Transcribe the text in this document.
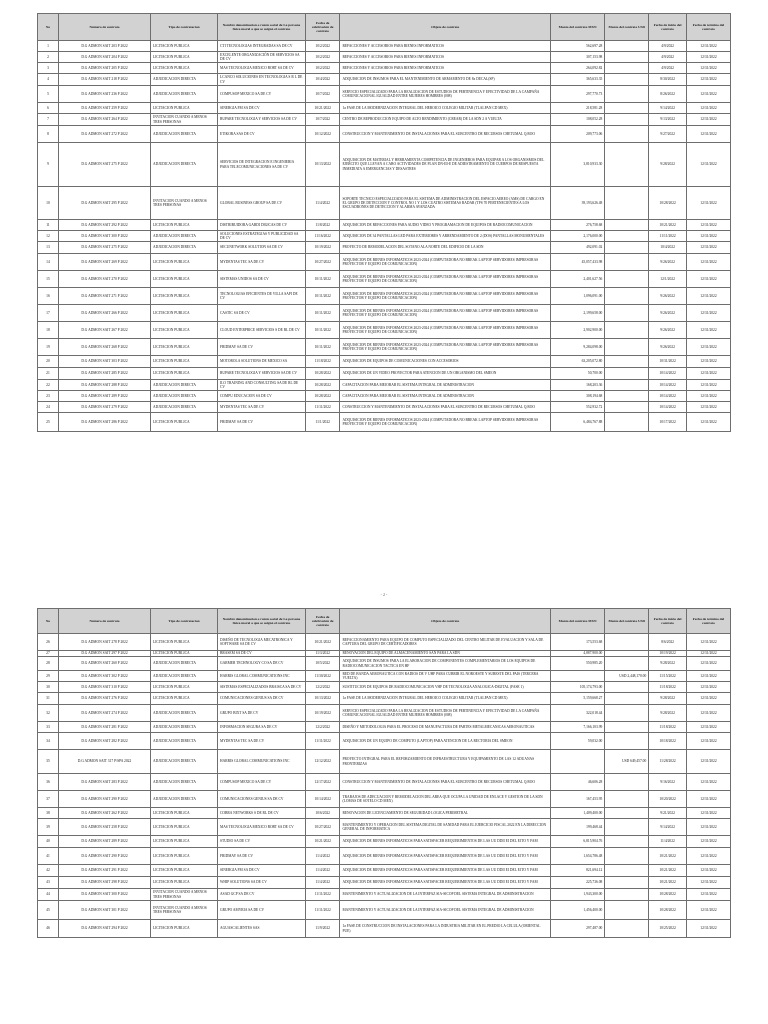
No	Numero de contrato	Tipo de contratacion	Nombre denominacion o razón social de La persona física moral a que se asignó el contrato	Fecha de celebración de contrato	Objeto de contrato	Monto del contrato MXN	Monto del contrato USD	Fecha de inicio del contrato	Fecha de termino del contrato
1	D.G ADMON SAIT 203 P 2022	LICITACION PUBLICA	CTI TECNOLOGIAS INTEGRADAS SA DE CV	10/2/2022	REFACCIONES Y ACCESORIOS PARA BIENES INFORMATICOS	562,697.28		4/9/2022	12/31/2022
2	D.G ADMON SAIT 204 P 2022	LICITACION PUBLICA	EXCELENTE ORGANIZACIÓN DE SERVICIOS SA DE CV	10/2/2022	REFACCIONES Y ACCESORIOS PARA BIENES INFORMATICOS	307,153.98		4/9/2022	12/31/2022
3	D.G ADMON SAIT 205 P 2022	LICITACION PUBLICA	MAS TECNOLOGIA MEXICO BORT SA DE CV	10/2/2022	REFACCIONES Y ACCESORIOS PARA BIENES INFORMATICOS	264,092.82		4/9/2022	12/31/2022
4	D.G ADMON SAIT 218 P 2022	ADJUDICACION DIRECTA	LCANCO SOLUCIONES EN TECNOLOGIA S R L DE CV	10/4/2022	ADQUISICION DE INSUMOS PARA EL MANTENIMIENTO DE ARMAMENTO DE 8x DECAL(SP)	365,633.35		8/30/2022	12/31/2022
5	D.G ADMON SAIT 236 P 2022	ADJUDICACION DIRECTA	COMPUSOP MEXICO SA DE CV	10/7/2022	SERVICIO ESPECIALIZADO PARA LA REALIZACION DE ESTUDIOS DE PERTINENCIA Y EFECTIVIDAD DE LA CAMPAÑA COMUNICACIONAL IGUALDAD ENTRE MUJERES HOMBRES (008)	297,770.73		8/26/2022	12/31/2022
6	D.G ADMON SAIT 259 P 2022	LICITACION PUBLICA	SINERGIA FM SA DE CV	10/21/2022	1a FASE DE LA MODERNIZACION INTEGRAL DEL HEROICO COLEGIO MILITAR (TLALPAN CD MEX)	218,581.28		9/14/2022	12/31/2022
7	D.G ADMON SAIT 264 P 2022	INVITACION CUANDO A MENOS TRES PERSONAS	RUPARE TECNOLOGIA Y SERVICIOS SA DE CV	10/7/2022	CENTRO DE REPRODUCCION EQUIPO DE ALTO RENDIMIENTO (CREAR) DE LA SDN 2 A VUELTA	108,052.28		9/13/2022	12/31/2022
8	D.G ADMON SAIT 272 P 2022	ADJUDICACION DIRECTA	ETIKORA SAS DE CV	10/12/2022	CONSTRUCCION Y MANTENIMIENTO DE INSTALACIONES PARA EL SUBCENTRO DE RECURSOS CHETUMAL Q.ROO	209,773.06		9/27/2022	12/31/2022
9	D.G ADMON SAIT 275 P 2022	ADJUDICACION DIRECTA	SERVICIOS DE INTEGRACION E INGENIERIA PARA TELECOMUNICACIONES SA DE CV	10/13/2022	ADQUISICION DE MATERIAL Y HERRAMIENTA COMPETENCIA DE INGENIEROS PARA EQUIPAR A LOS ORGANISMOS DEL EJERCITO QUE LLEVAN A CABO ACTIVIDADES DE PLAN DN-III-E DE ADIESTRAMIENTO DE CUERPOS DE RESPUESTA INMEDIATA A EMERGENCIAS Y DESASTRES	3,810,933.30		9/28/2022	12/31/2022
10	D.G ADMON SAIT 295 P 2022	INVITACION CUANDO A MENOS TRES PERSONAS	GLOBAL BUSINESS GROUP SA DE CV	11/4/2022	SOPORTE TECNICO ESPECIALIZADO PARA EL SISTEMA DE ADMINISTRACION DEL ESPACIO AEREO (AMS) DE CARGO EN EL GRUPO DE DETECCION Y CONTROL NO 1 Y LOS CUATRO SISTEMAS RADAR (TPS 70 PERTENECIENTES A LOS ESCUADRONES DE DETECCION Y ALARMA AVANZADA	39,193,626.48		10/28/2022	12/31/2022
11	D.G ADMON SAIT 292 P 2022	LICITACION PUBLICA	DISTRIBUIDORA GARDI DIGICAS DE CV	11/8/2022	ADQUISICION DE REFACCIONES PARA AUDIO VIDEO Y PROGRAMACION DE EQUIPOS DE RADIOCOMUNICACION	276,758.68		10/21/2022	12/31/2022
12	D.G ADMON SAIT 300 P 2022	ADJUDICACION DIRECTA	SOLUCIONES ESTRATEGIAS Y PUBLICIDAD SA DE CV	11/16/2022	ADQUISICION DE 34 PANTALLAS LED PARA EXTERIORES Y ARRENDAMIENTO DE 2 (DOS) PANTALLAS MONUMENTALES	2,176,000.00		11/11/2022	12/31/2022
13	D.G ADMON SAIT 275 P 2022	ADJUDICACION DIRECTA	SECUNETWORK SOLUTION SA DE CV	10/19/2022	PROYECTO DE REMODELACION DEL SOTANO ALA NORTE DEL EDIFICIO DE LA SDN	492,091.02		10/4/2022	12/31/2022
14	D.G ADMON SAIT 269 P 2022	LICITACION PUBLICA	MYDENTAS TEC SA DE CV	10/27/2022	ADQUISICION DE BIENES INFORMATICOS 2023-2024 (COMPUTADORA NO BREAK LAPTOP SERVIDORES IMPRESORAS PROYECTOR Y EQUIPO DE COMUNICACION)	45,057,433.98		9/26/2022	12/31/2022
15	D.G ADMON SAIT 270 P 2022	LICITACION PUBLICA	SISTEMAS UNIDOS SA DE CV	10/11/2022	ADQUISICION DE BIENES INFORMATICOS 2023-2024 (COMPUTADORA NO BREAK LAPTOP SERVIDORES IMPRESORAS PROYECTOR Y EQUIPO DE COMUNICACION)	2,401,627.56		12/1/2022	12/31/2022
16	D.G ADMON SAIT 271 P 2022	LICITACION PUBLICA	TECNOLOGIAS EFICIENTES DE VILLA SAPI DE CV	10/11/2022	ADQUISICION DE BIENES INFORMATICOS 2023-2024 (COMPUTADORA NO BREAK LAPTOP SERVIDORES IMPRESORAS PROYECTOR Y EQUIPO DE COMUNICACION)	1,096,091.00		9/26/2022	12/31/2022
17	D.G ADMON SAIT 266 P 2022	LICITACION PUBLICA	CASTIC SA DE CV	10/11/2022	ADQUISICION DE BIENES INFORMATICOS 2023-2024 (COMPUTADORA NO BREAK LAPTOP SERVIDORES IMPRESORAS PROYECTOR Y EQUIPO DE COMUNICACION)	2,199,658.00		9/26/2022	12/31/2022
18	D.G ADMON SAIT 267 P 2022	LICITACION PUBLICA	CLOUD ENTERPRICE SERVICIOS S DE RL DE CV	10/11/2022	ADQUISICION DE BIENES INFORMATICOS 2023-2024 (COMPUTADORA NO BREAK LAPTOP SERVIDORES IMPRESORAS PROYECTOR Y EQUIPO DE COMUNICACION)	2,902,900.00		9/26/2022	12/31/2022
19	D.G ADMON SAIT 268 P 2022	LICITACION PUBLICA	FRIDMAY SA DE CV	10/11/2022	ADQUISICION DE BIENES INFORMATICOS 2023-2024 (COMPUTADORA NO BREAK LAPTOP SERVIDORES IMPRESORAS PROYECTOR Y EQUIPO DE COMUNICACION)	9,284,098.00		9/26/2022	12/31/2022
20	D.G ADMON SAIT 303 P 2022	LICITACION PUBLICA	MOTOROLA SOLUTIONS DE MEXICO SA	11/18/2022	ADQUISICION DE EQUIPOS DE COMUNICACIONES CON ACCESORIOS	63,205,072.80		10/31/2022	12/31/2022
21	D.G ADMON SAIT 285 P 2022	LICITACION PUBLICA	RUPARE TECNOLOGIA Y SERVICIOS SA DE CV	10/28/2022	ADQUISICION DE UN VIDEO PROYECTOR PARA ATENCION DE UN ORGANISMO DEL SMEON	50,700.00		10/14/2022	12/31/2022
22	D.G ADMON SAIT 288 P 2022	ADJUDICACION DIRECTA	ILO TRAINING AND CONSULTING SA DE RL DE CV	10/28/2022	CAPACITACION PARA MEJORAR EL SISTEMA INTEGRAL DE ADMINISTRACION	168,203.36		10/14/2022	12/31/2022
23	D.G ADMON SAIT 289 P 2022	ADJUDICACION DIRECTA	COMPU EDUCACION SA DE CV	10/28/2022	CAPACITACION PARA MEJORAR EL SISTEMA INTEGRAL DE ADMINISTRACION	308,194.68		10/14/2022	12/31/2022
24	D.G ADMON SAIT 279 P 2022	ADJUDICACION DIRECTA	MYDENTAS TEC SA DE CV	11/11/2022	CONSTRUCCION Y MANTENIMIENTO DE INSTALACIONES PARA EL SUBCENTRO DE RECURSOS CHETUMAL Q.ROO	552,932.72		10/14/2022	12/31/2022
25	D.G ADMON SAIT 286 P 2022	LICITACION PUBLICA	FRIDMAY SA DE CV	11/1/2022	ADQUISICION DE BIENES INFORMATICOS 2023-2024 (COMPUTADORA NO BREAK LAPTOP SERVIDORES IMPRESORAS PROYECTOR Y EQUIPO DE COMUNICACION)	6,484,767.88		10/17/2022	12/31/2022
- 2 -
No	Numero de contrato	Tipo de contratacion	Nombre denominacion o razón social de La persona física moral a que se asignó el contrato	Fecha de celebración de contrato	Objeto de contrato	Monto del contrato MXN	Monto del contrato USD	Fecha de inicio del contrato	Fecha de termino del contrato
26	D.G ADMON SAIT 278 P 2022	LICITACION PUBLICA	DISEÑO DE TECNOLOGIA MECATRONICA Y SOFTWARE SA DE CV	10/21/2022	REFACCIONAMIENTO PARA EQUIPO DE COMPUTO ESPECIALIZADO DEL CENTRO MILITAR DE EVALUACION Y SALA DE CAPTURA DEL GRUPO DE CERTIFICADORES	173,553.68		8/6/2022	12/31/2022
27	D.G ADMON SAIT 297 P 2022	LICITACION PUBLICA	BRASEM SA DE CV	11/3/2022	RENOVACION DEL EQUIPO DE ALMACENAMIENTO SAN PARA LA SDN	4,887,900.00		10/19/2022	12/31/2022
28	D.G ADMON SAIT 260 P 2022	ADJUDICACION DIRECTA	GARMER TECHNOLOGY CO SA DE CV	10/5/2022	ADQUISICION DE INSUMOS PARA LA ELABORACION DE COMPONENTES COMPLEMENTARIOS DE LOS EQUIPOS DE RADIOCOMUNICACION TACTICA EN HF	550,985.20		9/28/2022	12/31/2022
29	D.G ADMON SAIT 302 P 2022	ADJUDICACION DIRECTA	HARRIS GLOBAL COMMUNICATIONS INC	11/30/2022	RED DE BANDA AERONAUTICA CON RADIOS DE V UHF PARA CUBRIR EL NOROESTE Y SURESTE DEL PAIS (TERCERA VUELTA)		USD 2,448,170.00	11/15/2022	12/31/2022
30	D.G ADMON SAIT 310 P 2022	LICITACION PUBLICA	SISTEMAS ESPECIALIZADOS BRAISCA SA DE CV	12/2/2022	SUSTITUCION DE EQUIPOS DE RADIOCOMUNICACION VHF DE TECNOLOGIA ANALOGICA-DIGITAL (FASE 1)	105,174,793.00		11/18/2022	12/31/2022
31	D.G ADMON SAIT 276 P 2022	LICITACION PUBLICA	COMUNICACIONES GENIUS SA DE CV	10/13/2022	1a FASE DE LA MODERNIZACION INTEGRAL DEL HEROICO COLEGIO MILITAR (TLALPAN CD MEX)	5,159,668.27		9/28/2022	12/31/2022
32	D.G ADMON SAIT 274 P 2022	ADJUDICACION DIRECTA	GRUPO BIXT SA DE CV	10/19/2022	SERVICIO ESPECIALIZADO PARA LA REALIZACION DE ESTUDIOS DE PERTINENCIA Y EFECTIVIDAD DE LA CAMPAÑA COMUNICACIONAL IGUALDAD ENTRE MUJERES HOMBRES (008)	322,018.44		9/28/2022	12/31/2022
33	D.G ADMON SAIT 281 P 2022	ADJUDICACION DIRECTA	INFORMACION SEGURA SA DE CV	12/2/2022	DISEÑO Y METODOLOGIA PARA EL PROCESO DE MANUFACTURA DE PARTES METALMECANICAS AERONAUTICAS	7,166,103.99		11/18/2022	12/31/2022
34	D.G ADMON SAIT 282 P 2022	ADJUDICACION DIRECTA	MYDENTAS TEC SA DE CV	11/11/2022	ADQUISICION DE UN EQUIPO DE COMPUTO (LAPTOP) PARA ATENCION DE LA RECTORIA DEL SMEON	59,032.00		10/18/2022	12/31/2022
35	D.G ADMON SAIT 317 P/SPA 2022	ADJUDICACION DIRECTA	HARRIS GLOBAL COMMUNICATIONS INC	12/12/2022	PROYECTO INTEGRAL PARA EL REFORZAMIENTO DE INFRAESTRUCTURA Y EQUIPAMIENTO DE LAS 12 ADUANAS FRONTERIZAS		USD 649,457.00	11/28/2022	12/31/2022
36	D.G ADMON SAIT 283 P 2022	ADJUDICACION DIRECTA	COMPUSOP MEXICO SA DE CV	12/17/2022	CONSTRUCCION Y MANTENIMIENTO DE INSTALACIONES PARA EL SUBCENTRO DE RECURSOS CHETUMAL Q.ROO	46,606.28		9/16/2022	12/31/2022
37	D.G ADMON SAIT 290 P 2022	ADJUDICACION DIRECTA	COMUNICACIONES GENIUS SA DE CV	10/14/2022	TRABAJOS DE ADECUACION Y REMODELACION DEL AREA QUE OCUPA LA UNIDAD DE ENLACE Y GESTION DE LA SDN (LOMAS DE SOTELO CD MEX)	167,453.95		10/20/2022	12/31/2022
38	D.G ADMON SAIT 262 P 2022	LICITACION PUBLICA	COBRA NETWORKS S DE RL DE CV	10/6/2022	RENOVACION DE LICENCIAMIENTO DE SEGURIDAD LOGICA PERIMETRAL	1,409,400.00		9/21/2022	12/31/2022
39	D.G ADMON SAIT 258 P 2022	LICITACION PUBLICA	MAS TECNOLOGIA MEXICO BORT SA DE CV	10/27/2022	MANTENIMIENTO Y OPERACION DEL SISTEMA DIGITAL DE SANIDAD PARA EL EJERCICIO FISCAL 2022 EN LA DIRECCION GENERAL DE INFORMATICA	199,468.44		9/14/2022	12/31/2022
40	D.G ADMON SAIT 289 P 2022	LICITACION PUBLICA	STUDIO SA DE CV	10/21/2022	ADQUISICION DE BIENES INFORMATICOS PARA SATISFACER REQUERIMIENTOS DE LAS UU DDII EI DEL EJTO Y FAM	6,815,904.76		11/4/2022	12/31/2022
41	D.G ADMON SAIT 290 P 2022	LICITACION PUBLICA	FRIDMAY SA DE CV	11/4/2022	ADQUISICION DE BIENES INFORMATICOS PARA SATISFACER REQUERIMIENTOS DE LAS UU DDII EI DEL EJTO Y FAM	1,654,786.48		10/21/2022	12/31/2022
42	D.G ADMON SAIT 291 P 2022	LICITACION PUBLICA	SINERGIA FM SA DE CV	11/4/2022	ADQUISICION DE BIENES INFORMATICOS PARA SATISFACER REQUERIMIENTOS DE LAS UU DDII EI DEL EJTO Y FAM	821,694.12		10/21/2022	12/31/2022
43	D.G ADMON SAIT 298 P 2022	LICITACION PUBLICA	WHIP SOLUTIONS SA DE CV	11/4/2022	ADQUISICION DE BIENES INFORMATICOS PARA SATISFACER REQUERIMIENTOS DE LAS UU DDII EI DEL EJTO Y FAM	225,736.08		10/21/2022	12/31/2022
44	D.G ADMON SAIT 300 P 2022	INVITACION CUANDO A MENOS TRES PERSONAS	ASAD GCP SA DE CV	11/11/2022	MANTENIMIENTO Y ACTUALIZACION DE LA INTERFAZ SIA-SICOP DEL SISTEMA INTEGRAL DE ADMINISTRACION	1,943,300.00		10/28/2022	12/31/2022
45	D.G ADMON SAIT 301 P 2022	INVITACION CUANDO A MENOS TRES PERSONAS	GRUPO AMYRIA SA DE CV	11/11/2022	MANTENIMIENTO Y ACTUALIZACION DE LA INTERFAZ SIA-SICOP DEL SISTEMA INTEGRAL DE ADMINISTRACION	1,456,400.00		10/28/2022	12/31/2022
46	D.G ADMON SAIT 294 P 2022	LICITACION PUBLICA	AGUASCALIENTES SAS	11/9/2022	1a FASE DE CONSTRUCCION DE INSTALACIONES PARA LA INDUSTRIA MILITAR EN EL PREDIO LA CELULA (ORIENTAL PUE)	297,487.00		10/25/2022	12/31/2022
